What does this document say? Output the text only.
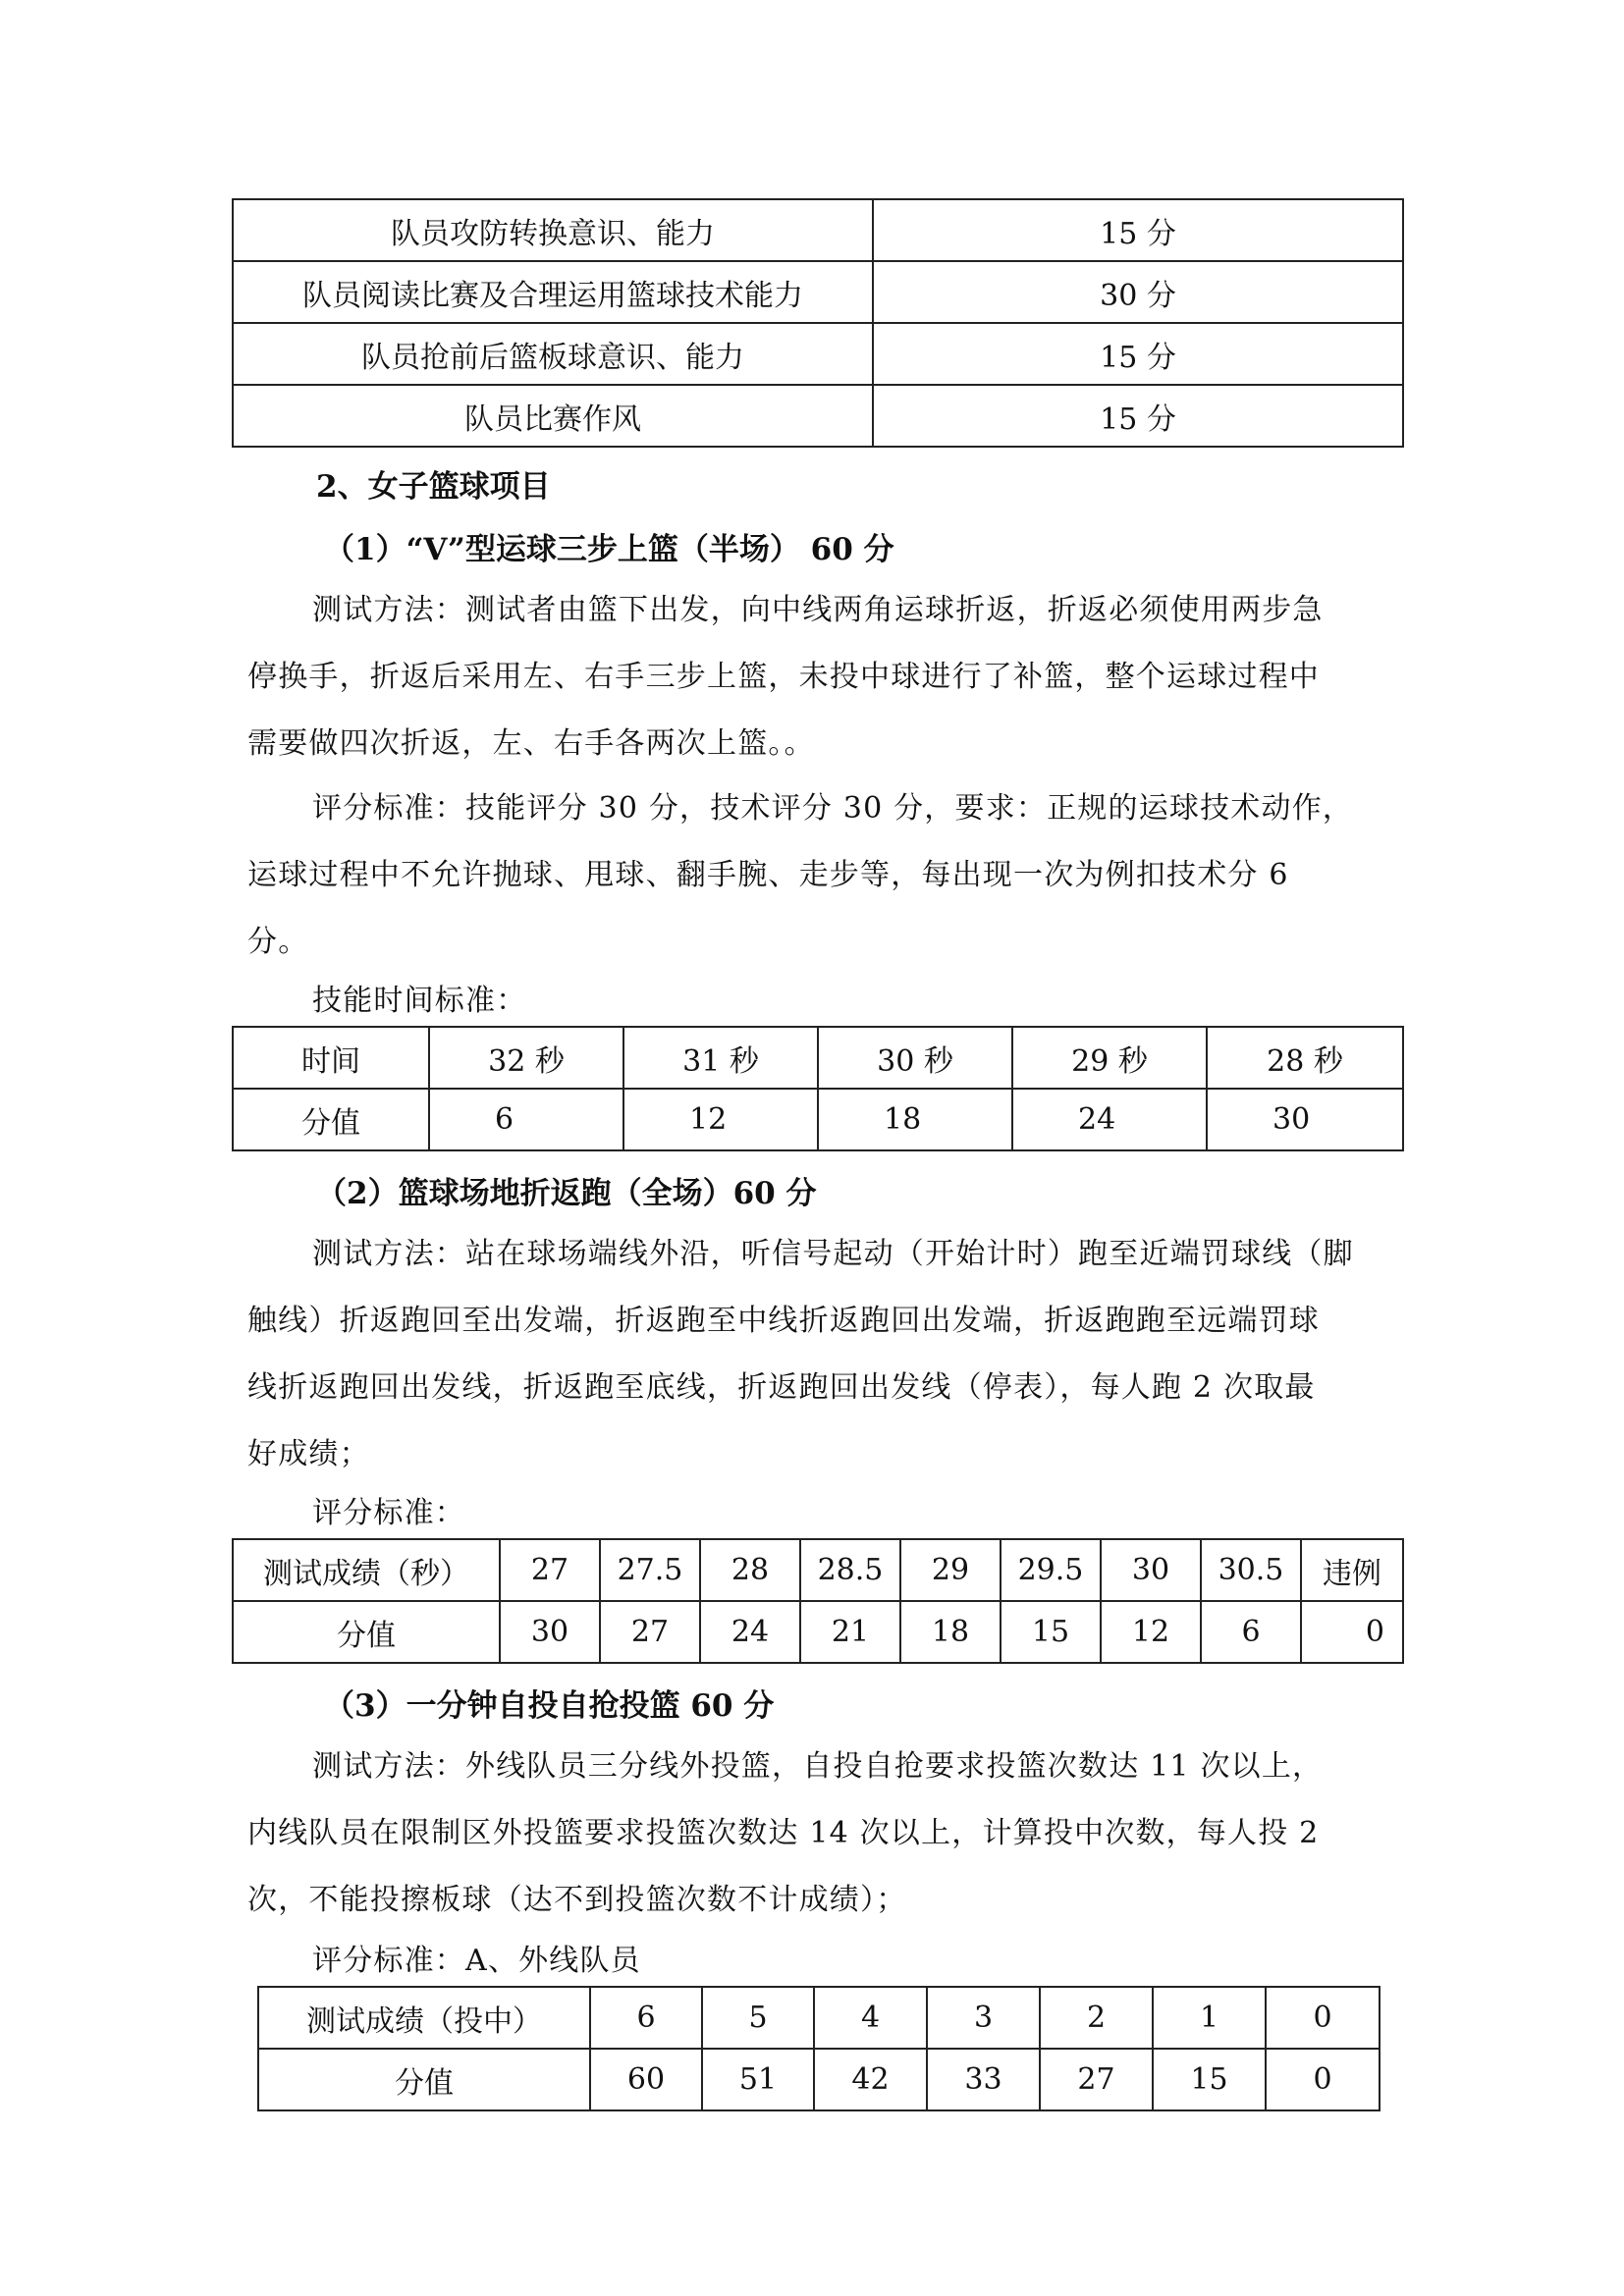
队员攻防转换意识、能力	15 分
队员阅读比赛及合理运用篮球技术能力	30 分
队员抢前后篮板球意识、能力	15 分
队员比赛作风	15 分
2、女子篮球项目
（1）“V”型运球三步上篮（半场） 60 分

测试方法：测试者由篮下出发，向中线两角运球折返，折返必须使用两步急

停换手，折返后采用左、右手三步上篮，未投中球进行了补篮，整个运球过程中

需要做四次折返，左、右手各两次上篮。。

评分标准：技能评分 30 分，技术评分 30 分，要求：正规的运球技术动作，

运球过程中不允许抛球、甩球、翻手腕、走步等，每出现一次为例扣技术分 6

分。

技能时间标准：
时间	32 秒	31 秒	30 秒	29 秒	28 秒
分值	6	12	18	24	30
（2）篮球场地折返跑（全场）60 分

测试方法：站在球场端线外沿，听信号起动（开始计时）跑至近端罚球线（脚

触线）折返跑回至出发端，折返跑至中线折返跑回出发端，折返跑跑至远端罚球

线折返跑回出发线，折返跑至底线，折返跑回出发线（停表），每人跑 2 次取最

好成绩；

评分标准：
测试成绩（秒）	27	27.5	28	28.5	29	29.5	30	30.5	违例
分值	30	27	24	21	18	15	12	6	0
（3）一分钟自投自抢投篮 60 分

测试方法：外线队员三分线外投篮，自投自抢要求投篮次数达 11 次以上，

内线队员在限制区外投篮要求投篮次数达 14 次以上，计算投中次数，每人投 2

次，不能投擦板球（达不到投篮次数不计成绩）；

评分标准：A、外线队员
测试成绩（投中）	6	5	4	3	2	1	0
分值	60	51	42	33	27	15	0
